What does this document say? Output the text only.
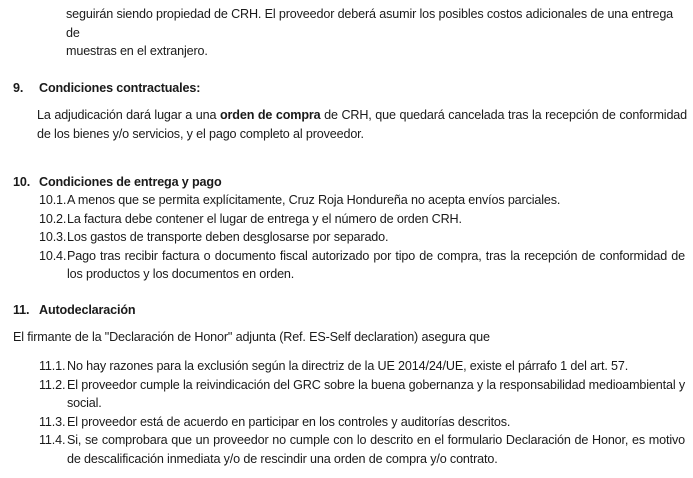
seguirán siendo propiedad de CRH. El proveedor deberá asumir los posibles costos adicionales de una entrega de
muestras en el extranjero.
9. Condiciones contractuales:
La adjudicación dará lugar a una orden de compra de CRH, que quedará cancelada tras la recepción de conformidad de los bienes y/o servicios, y el pago completo al proveedor.
10. Condiciones de entrega y pago
10.1. A menos que se permita explícitamente, Cruz Roja Hondureña no acepta envíos parciales.
10.2. La factura debe contener el lugar de entrega y el número de orden CRH.
10.3. Los gastos de transporte deben desglosarse por separado.
10.4. Pago tras recibir factura o documento fiscal autorizado por tipo de compra, tras la recepción de conformidad de los productos y los documentos en orden.
11. Autodeclaración
El firmante de la "Declaración de Honor" adjunta (Ref. ES-Self declaration) asegura que
11.1. No hay razones para la exclusión según la directriz de la UE 2014/24/UE, existe el párrafo 1 del art. 57.
11.2. El proveedor cumple la reivindicación del GRC sobre la buena gobernanza y la responsabilidad medioambiental y social.
11.3. El proveedor está de acuerdo en participar en los controles y auditorías descritos.
11.4. Si, se comprobara que un proveedor no cumple con lo descrito en el formulario Declaración de Honor, es motivo de descalificación inmediata y/o de rescindir una orden de compra y/o contrato.
